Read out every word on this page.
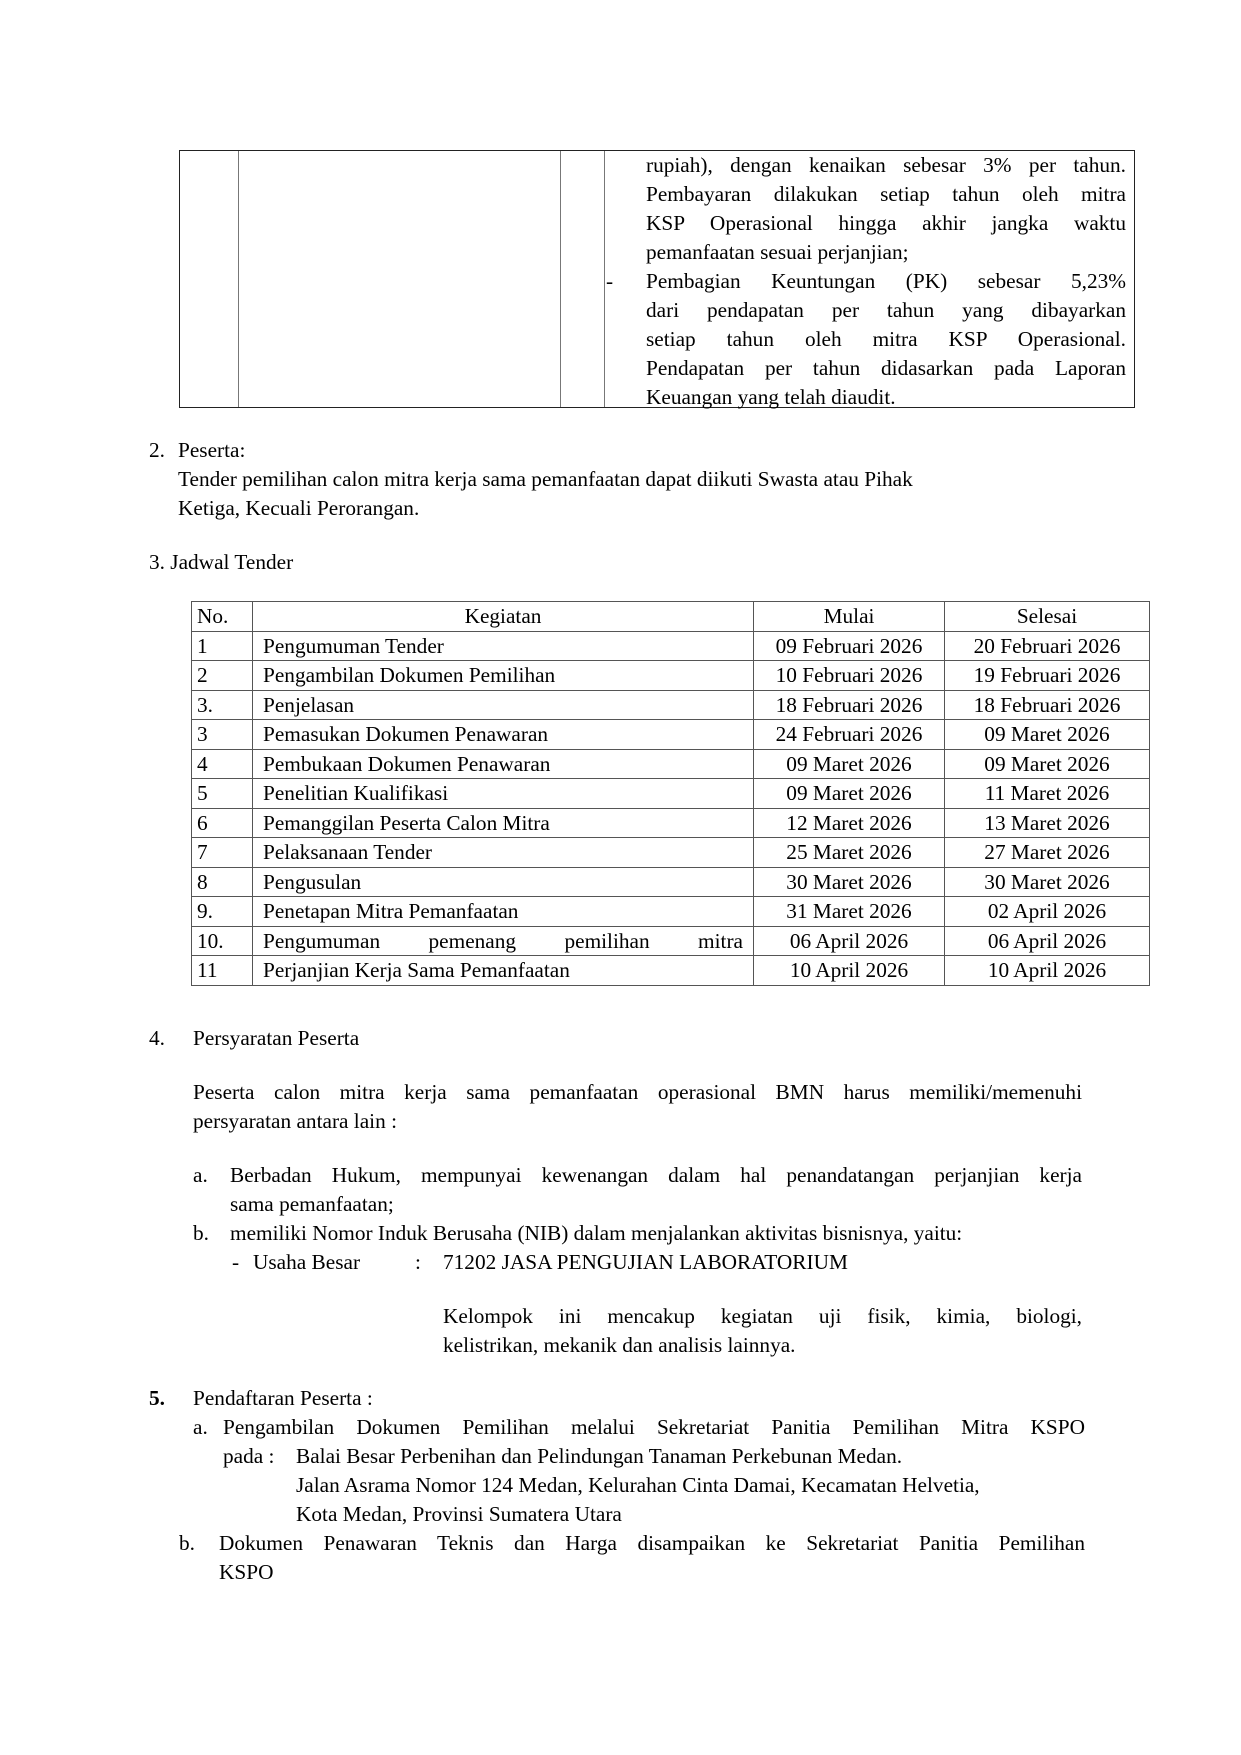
rupiah), dengan kenaikan sebesar 3% per tahun.
Pembayaran dilakukan setiap tahun oleh mitra
KSP Operasional hingga akhir jangka waktu
pemanfaatan sesuai perjanjian;
- Pembagian Keuntungan (PK) sebesar 5,23%
dari pendapatan per tahun yang dibayarkan
setiap tahun oleh mitra KSP Operasional.
Pendapatan per tahun didasarkan pada Laporan
Keuangan yang telah diaudit.
2. Peserta:
Tender pemilihan calon mitra kerja sama pemanfaatan dapat diikuti Swasta atau Pihak
Ketiga, Kecuali Perorangan.
3. Jadwal Tender
No.	Kegiatan	Mulai	Selesai
1	Pengumuman Tender	09 Februari 2026	20 Februari 2026
2	Pengambilan Dokumen Pemilihan	10 Februari 2026	19 Februari 2026
3.	Penjelasan	18 Februari 2026	18 Februari 2026
3	Pemasukan Dokumen Penawaran	24 Februari 2026	09 Maret 2026
4	Pembukaan Dokumen Penawaran	09 Maret 2026	09 Maret 2026
5	Penelitian Kualifikasi	09 Maret 2026	11 Maret 2026
6	Pemanggilan Peserta Calon Mitra	12 Maret 2026	13 Maret 2026
7	Pelaksanaan Tender	25 Maret 2026	27 Maret 2026
8	Pengusulan	30 Maret 2026	30 Maret 2026
9.	Penetapan Mitra Pemanfaatan	31 Maret 2026	02 April 2026
10.	Pengumuman pemenang pemilihan mitra	06 April 2026	06 April 2026
11	Perjanjian Kerja Sama Pemanfaatan	10 April 2026	10 April 2026
4. Persyaratan Peserta
Peserta calon mitra kerja sama pemanfaatan operasional BMN harus memiliki/memenuhi
persyaratan antara lain :
a. Berbadan Hukum, mempunyai kewenangan dalam hal penandatangan perjanjian kerja
sama pemanfaatan;
b. memiliki Nomor Induk Berusaha (NIB) dalam menjalankan aktivitas bisnisnya, yaitu:
- Usaha Besar	: 71202 JASA PENGUJIAN LABORATORIUM
Kelompok ini mencakup kegiatan uji fisik, kimia, biologi,
kelistrikan, mekanik dan analisis lainnya.
5. Pendaftaran Peserta :
a. Pengambilan Dokumen Pemilihan melalui Sekretariat Panitia Pemilihan Mitra KSPO
pada : Balai Besar Perbenihan dan Pelindungan Tanaman Perkebunan Medan.
Jalan Asrama Nomor 124 Medan, Kelurahan Cinta Damai, Kecamatan Helvetia,
Kota Medan, Provinsi Sumatera Utara
b. Dokumen Penawaran Teknis dan Harga disampaikan ke Sekretariat Panitia Pemilihan
KSPO
